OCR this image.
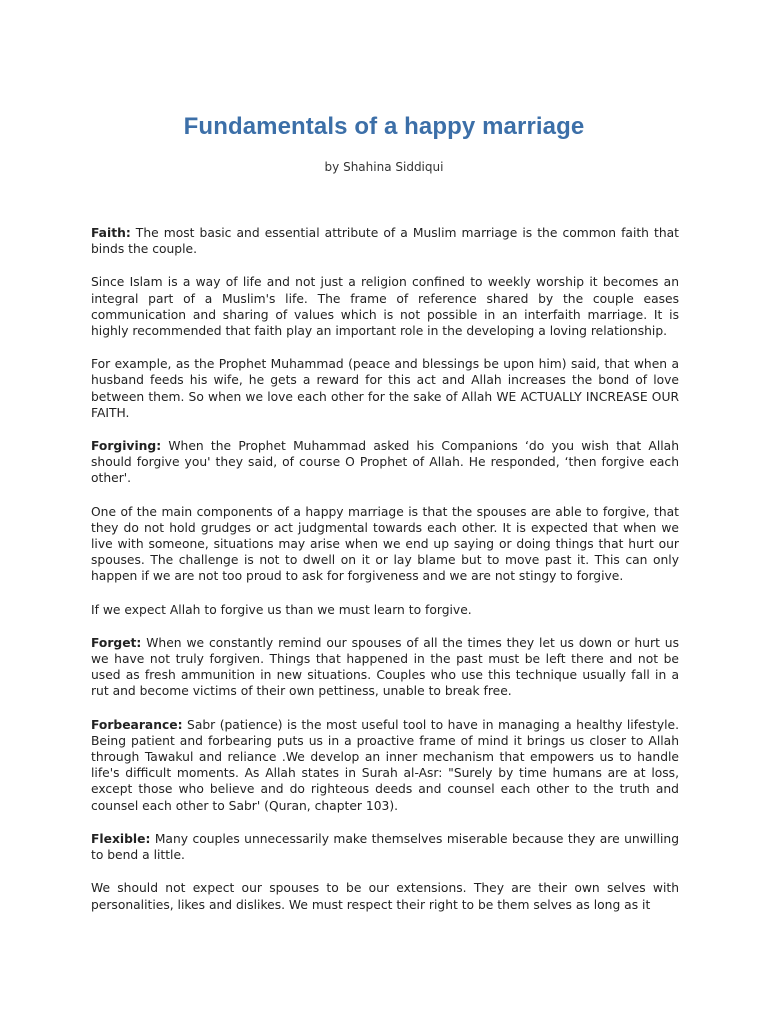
Fundamentals of a happy marriage

by Shahina Siddiqui

Faith: The most basic and essential attribute of a Muslim marriage is the common faith that binds the couple.

Since Islam is a way of life and not just a religion confined to weekly worship it becomes an integral part of a Muslim's life. The frame of reference shared by the couple eases communication and sharing of values which is not possible in an interfaith marriage. It is highly recommended that faith play an important role in the developing a loving relationship.

For example, as the Prophet Muhammad (peace and blessings be upon him) said, that when a husband feeds his wife, he gets a reward for this act and Allah increases the bond of love between them. So when we love each other for the sake of Allah WE ACTUALLY INCREASE OUR FAITH.

Forgiving: When the Prophet Muhammad asked his Companions ‘do you wish that Allah should forgive you' they said, of course O Prophet of Allah. He responded, ‘then forgive each other'.

One of the main components of a happy marriage is that the spouses are able to forgive, that they do not hold grudges or act judgmental towards each other. It is expected that when we live with someone, situations may arise when we end up saying or doing things that hurt our spouses. The challenge is not to dwell on it or lay blame but to move past it. This can only happen if we are not too proud to ask for forgiveness and we are not stingy to forgive.

If we expect Allah to forgive us than we must learn to forgive.

Forget: When we constantly remind our spouses of all the times they let us down or hurt us we have not truly forgiven. Things that happened in the past must be left there and not be used as fresh ammunition in new situations. Couples who use this technique usually fall in a rut and become victims of their own pettiness, unable to break free.

Forbearance: Sabr (patience) is the most useful tool to have in managing a healthy lifestyle. Being patient and forbearing puts us in a proactive frame of mind it brings us closer to Allah through Tawakul and reliance .We develop an inner mechanism that empowers us to handle life's difficult moments. As Allah states in Surah al-Asr: "Surely by time humans are at loss, except those who believe and do righteous deeds and counsel each other to the truth and counsel each other to Sabr' (Quran, chapter 103).

Flexible: Many couples unnecessarily make themselves miserable because they are unwilling to bend a little.

We should not expect our spouses to be our extensions. They are their own selves with personalities, likes and dislikes. We must respect their right to be them selves as long as it
